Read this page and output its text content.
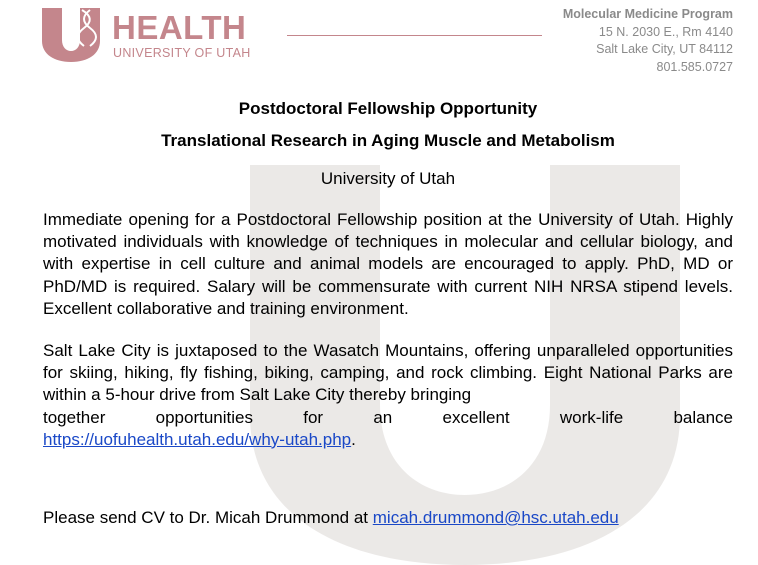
HEALTH
UNIVERSITY OF UTAH
Molecular Medicine Program
15 N. 2030 E., Rm 4140
Salt Lake City, UT 84112
801.585.0727
Postdoctoral Fellowship Opportunity
Translational Research in Aging Muscle and Metabolism
University of Utah

Immediate opening for a Postdoctoral Fellowship position at the University of Utah. Highly motivated individuals with knowledge of techniques in molecular and cellular biology, and with expertise in cell culture and animal models are encouraged to apply. PhD, MD or PhD/MD is required. Salary will be commensurate with current NIH NRSA stipend levels. Excellent collaborative and training environment.

Salt Lake City is juxtaposed to the Wasatch Mountains, offering unparalleled opportunities for skiing, hiking, fly fishing, biking, camping, and rock climbing. Eight National Parks are within a 5-hour drive from Salt Lake City thereby bringing

together opportunities for an excellent work-life balance

https://uofuhealth.utah.edu/why-utah.php.

Please send CV to Dr. Micah Drummond at micah.drummond@hsc.utah.edu
